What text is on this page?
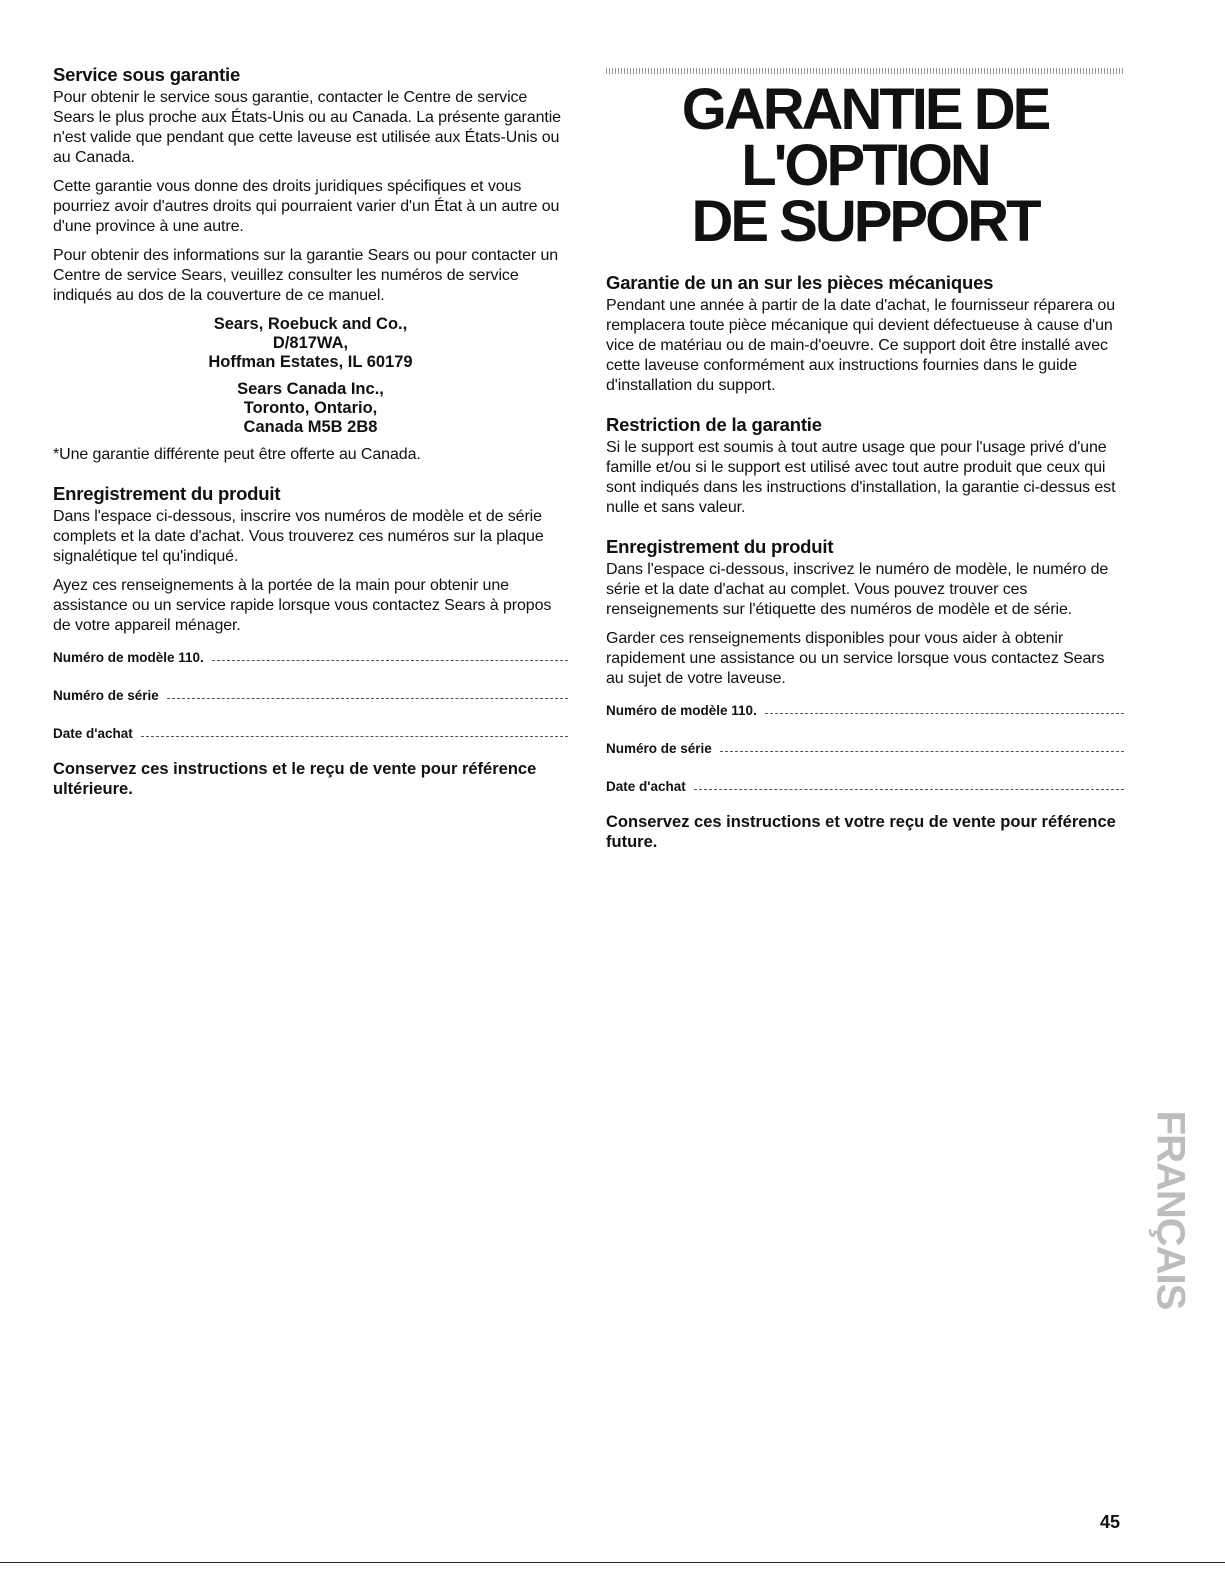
Service sous garantie

Pour obtenir le service sous garantie, contacter le Centre de service Sears le plus proche aux États-Unis ou au Canada. La présente garantie n'est valide que pendant que cette laveuse est utilisée aux États-Unis ou au Canada.

Cette garantie vous donne des droits juridiques spécifiques et vous pourriez avoir d'autres droits qui pourraient varier d'un État à un autre ou d'une province à une autre.

Pour obtenir des informations sur la garantie Sears ou pour contacter un Centre de service Sears, veuillez consulter les numéros de service indiqués au dos de la couverture de ce manuel.

Sears, Roebuck and Co.,
D/817WA,
Hoffman Estates, IL 60179
Sears Canada Inc.,
Toronto, Ontario,
Canada M5B 2B8

*Une garantie différente peut être offerte au Canada.

Enregistrement du produit

Dans l'espace ci-dessous, inscrire vos numéros de modèle et de série complets et la date d'achat. Vous trouverez ces numéros sur la plaque signalétique tel qu'indiqué.

Ayez ces renseignements à la portée de la main pour obtenir une assistance ou un service rapide lorsque vous contactez Sears à propos de votre appareil ménager.

Numéro de modèle 110.
Numéro de série
Date d'achat
Conservez ces instructions et le reçu de vente pour référence ultérieure.
GARANTIE DE L'OPTION
DE SUPPORT
Garantie de un an sur les pièces mécaniques

Pendant une année à partir de la date d'achat, le fournisseur réparera ou remplacera toute pièce mécanique qui devient défectueuse à cause d'un vice de matériau ou de main-d'oeuvre. Ce support doit être installé avec cette laveuse conformément aux instructions fournies dans le guide d'installation du support.

Restriction de la garantie

Si le support est soumis à tout autre usage que pour l'usage privé d'une famille et/ou si le support est utilisé avec tout autre produit que ceux qui sont indiqués dans les instructions d'installation, la garantie ci-dessus est nulle et sans valeur.

Enregistrement du produit

Dans l'espace ci-dessous, inscrivez le numéro de modèle, le numéro de série et la date d'achat au complet. Vous pouvez trouver ces renseignements sur l'étiquette des numéros de modèle et de série.

Garder ces renseignements disponibles pour vous aider à obtenir rapidement une assistance ou un service lorsque vous contactez Sears au sujet de votre laveuse.

Numéro de modèle 110.
Numéro de série
Date d'achat
Conservez ces instructions et votre reçu de vente pour référence future.
FRANÇAIS
45
